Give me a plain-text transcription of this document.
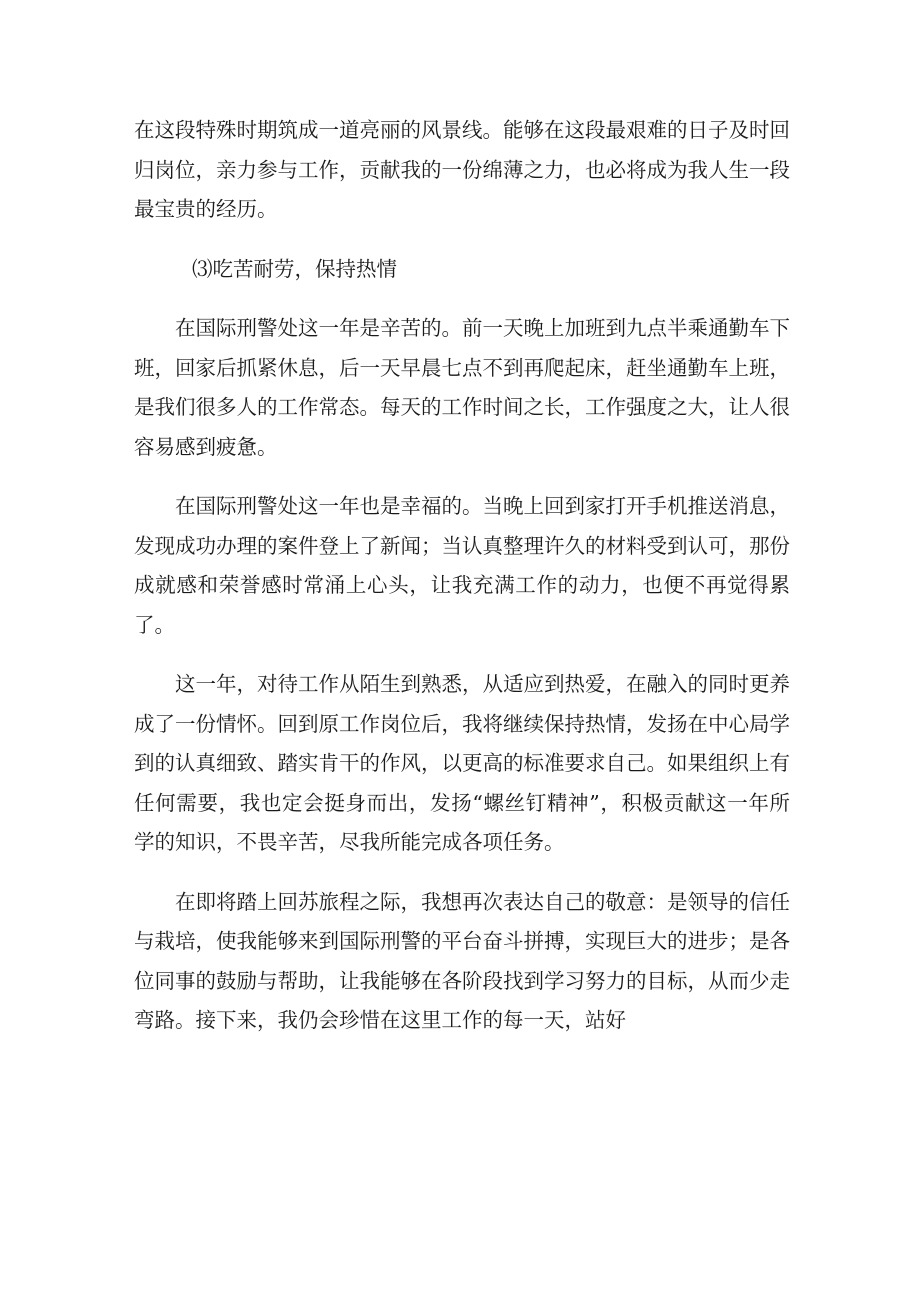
在这段特殊时期筑成一道亮丽的风景线。能够在这段最艰难的日子及时回归岗位，亲力参与工作，贡献我的一份绵薄之力，也必将成为我人生一段最宝贵的经历。

⑶吃苦耐劳，保持热情

在国际刑警处这一年是辛苦的。前一天晚上加班到九点半乘通勤车下班，回家后抓紧休息，后一天早晨七点不到再爬起床，赶坐通勤车上班，是我们很多人的工作常态。每天的工作时间之长，工作强度之大，让人很容易感到疲惫。

在国际刑警处这一年也是幸福的。当晚上回到家打开手机推送消息，发现成功办理的案件登上了新闻；当认真整理许久的材料受到认可，那份成就感和荣誉感时常涌上心头，让我充满工作的动力，也便不再觉得累了。

这一年，对待工作从陌生到熟悉，从适应到热爱，在融入的同时更养成了一份情怀。回到原工作岗位后，我将继续保持热情，发扬在中心局学到的认真细致、踏实肯干的作风，以更高的标准要求自己。如果组织上有任何需要，我也定会挺身而出，发扬“螺丝钉精神”，积极贡献这一年所学的知识，不畏辛苦，尽我所能完成各项任务。

在即将踏上回苏旅程之际，我想再次表达自己的敬意：是领导的信任与栽培，使我能够来到国际刑警的平台奋斗拼搏，实现巨大的进步；是各位同事的鼓励与帮助，让我能够在各阶段找到学习努力的目标，从而少走弯路。接下来，我仍会珍惜在这里工作的每一天，站好
